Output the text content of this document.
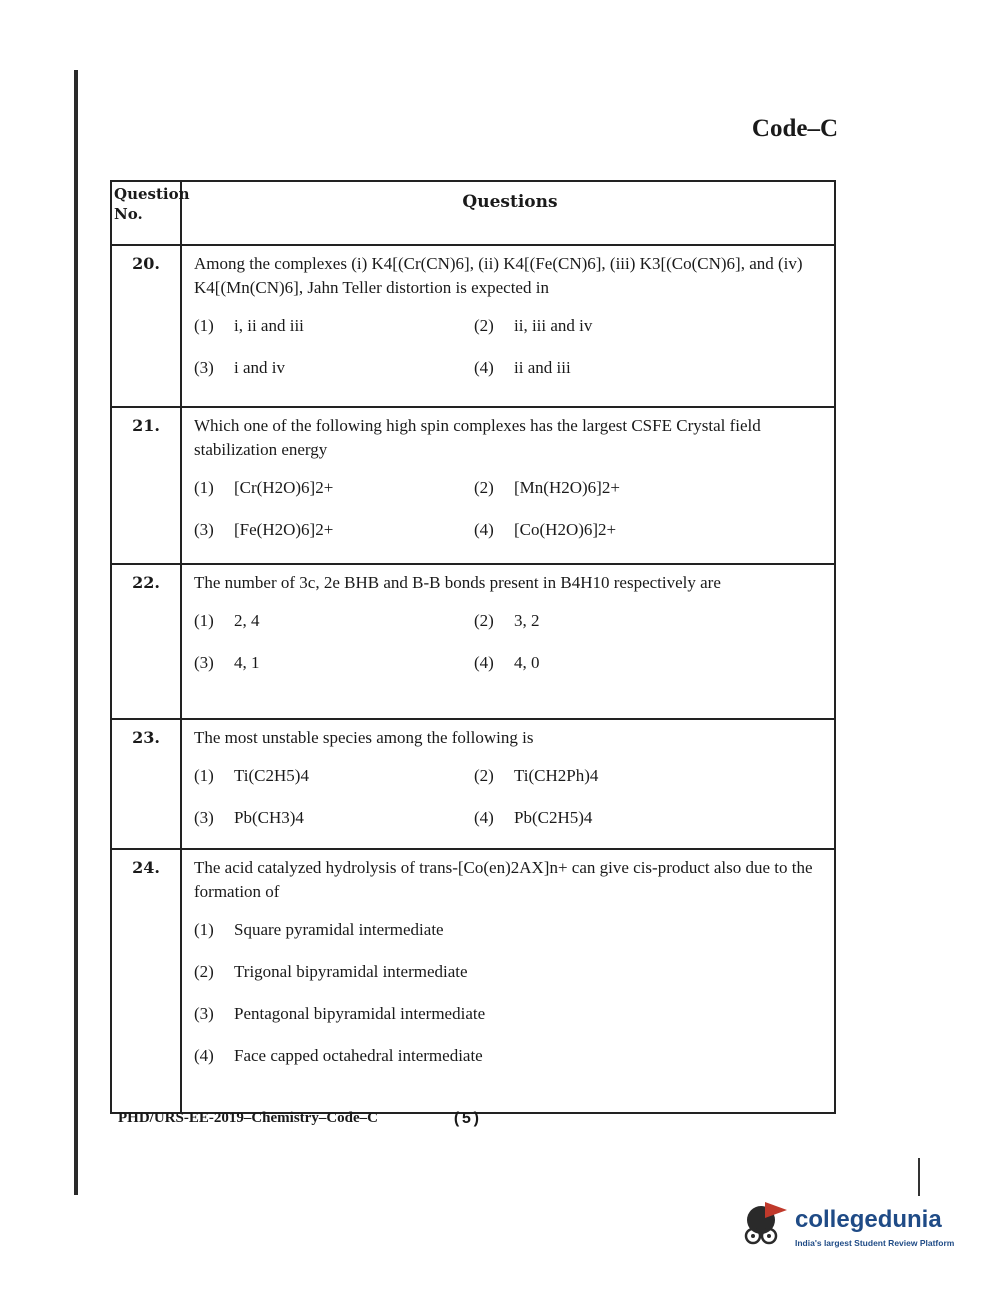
Code–C
Question No.
Questions
20.	Among the complexes (i) K4[(Cr(CN)6], (ii) K4[(Fe(CN)6], (iii) K3[(Co(CN)6], and (iv) K4[(Mn(CN)6], Jahn Teller distortion is expected in
(1) i, ii and iii	(2) ii, iii and iv
(3) i and iv	(4) ii and iii
21.	Which one of the following high spin complexes has the largest CSFE Crystal field stabilization energy
(1) [Cr(H2O)6]2+	(2) [Mn(H2O)6]2+
(3) [Fe(H2O)6]2+	(4) [Co(H2O)6]2+
22.	The number of 3c, 2e BHB and B-B bonds present in B4H10 respectively are
(1) 2, 4	(2) 3, 2
(3) 4, 1	(4) 4, 0
23.	The most unstable species among the following is
(1) Ti(C2H5)4	(2) Ti(CH2Ph)4
(3) Pb(CH3)4	(4) Pb(C2H5)4
24.	The acid catalyzed hydrolysis of trans-[Co(en)2AX]n+ can give cis-product also due to the formation of
(1) Square pyramidal intermediate
(2) Trigonal bipyramidal intermediate
(3) Pentagonal bipyramidal intermediate
(4) Face capped octahedral intermediate
PHD/URS-EE-2019–Chemistry–Code–C	(5)
collegedunia
India's largest Student Review Platform
